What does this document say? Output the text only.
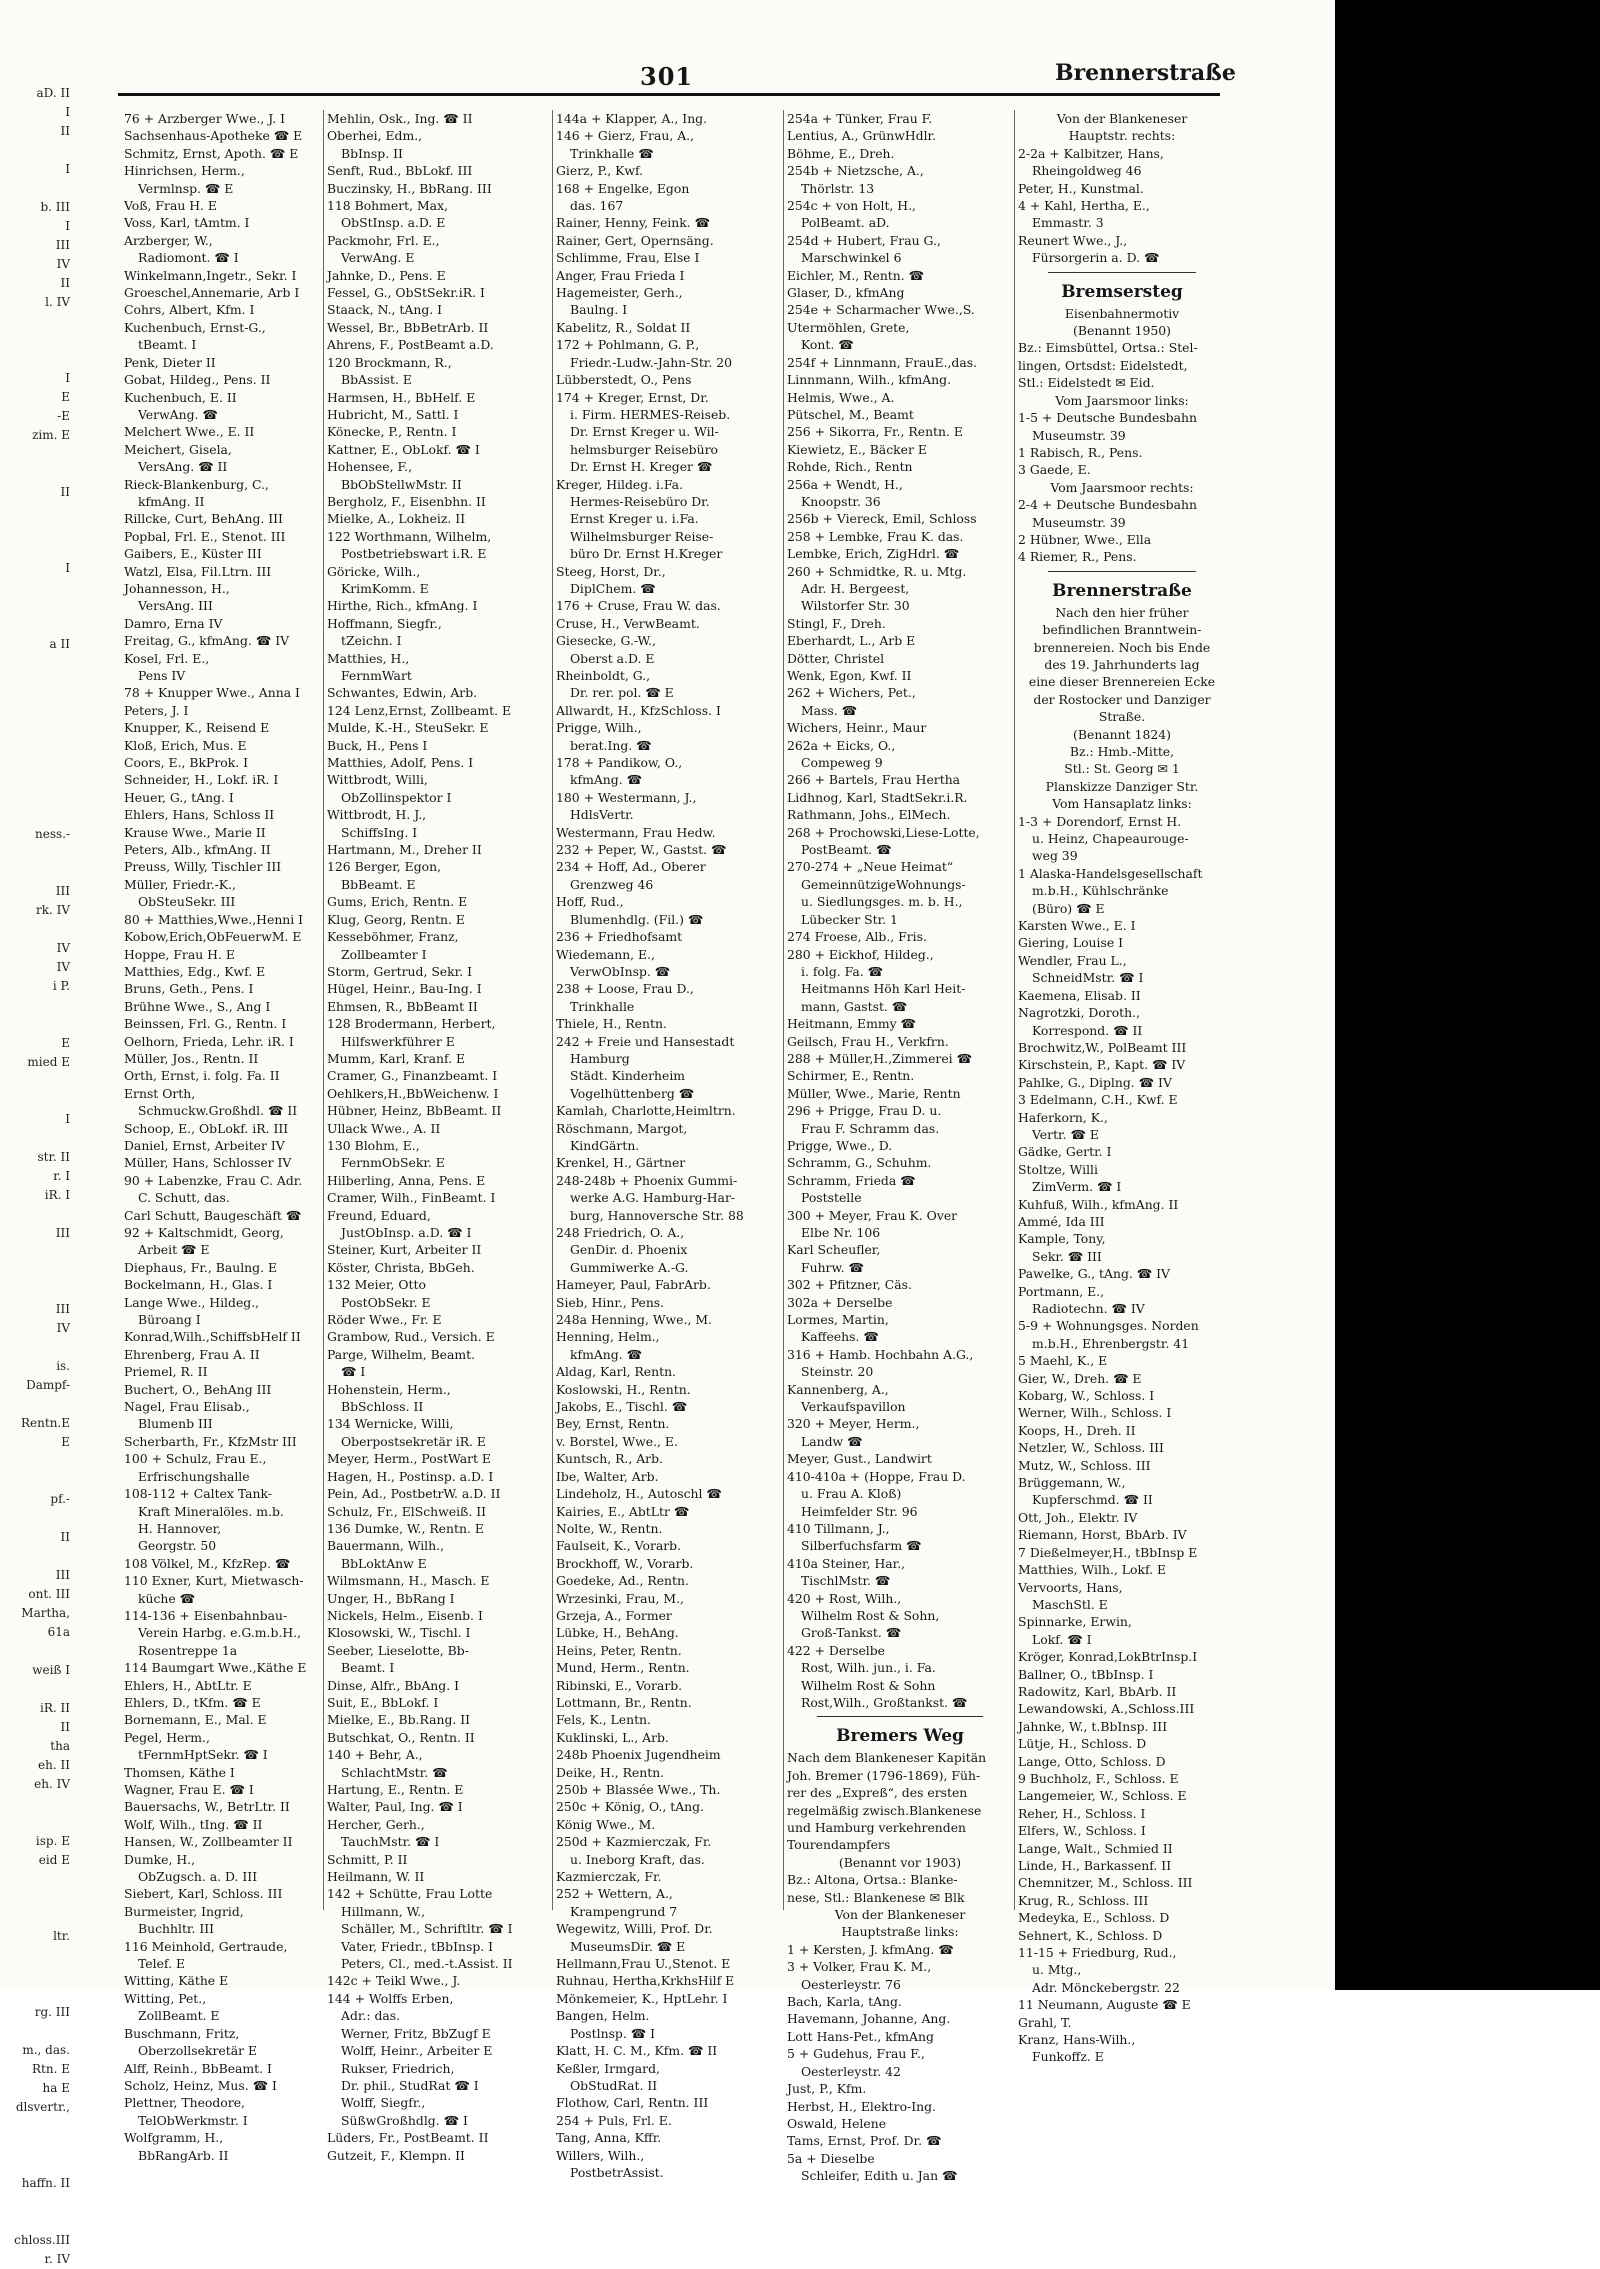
aD. II
I
II

I

b. III
I
III
IV
II
l. IV

I
E
-E
zim. E

II

I

a II

ness.-

III
rk. IV

IV
IV
i P.

E
mied E

I

str. II
r. I
iR. I

III

III
IV

is.
Dampf-

Rentn.E
E

pf.-

II

III
ont. III
Martha,
61a

weiß I

iR. II
II
tha
eh. II
eh. IV

isp. E
eid E

ltr.

rg. III

m., das.
Rtn. E
ha E
dlsvertr.,

haffn. II

chloss.III
r. IV
301	Brennerstraße
76 + Arzberger Wwe., J. I
Sachsenhaus-Apotheke ☎ E
Schmitz, Ernst, Apoth. ☎ E
Hinrichsen, Herm.,
Vermlnsp. ☎ E
Voß, Frau H. E
Voss, Karl, tAmtm. I
Arzberger, W.,
Radiomont. ☎ I
Winkelmann,Ingetr., Sekr. I
Groeschel,Annemarie, Arb I
Cohrs, Albert, Kfm. I
Kuchenbuch, Ernst-G.,
tBeamt. I
Penk, Dieter II
Gobat, Hildeg., Pens. II
Kuchenbuch, E. II
VerwAng. ☎
Melchert Wwe., E. II
Meichert, Gisela,
VersAng. ☎ II
Rieck-Blankenburg, C.,
kfmAng. II
Rillcke, Curt, BehAng. III
Popbal, Frl. E., Stenot. III
Gaibers, E., Küster III
Watzl, Elsa, Fil.Ltrn. III
Johannesson, H.,
VersAng. III
Damro, Erna IV
Freitag, G., kfmAng. ☎ IV
Kosel, Frl. E.,
Pens IV
78 + Knupper Wwe., Anna I
Peters, J. I
Knupper, K., Reisend E
Kloß, Erich, Mus. E
Coors, E., BkProk. I
Schneider, H., Lokf. iR. I
Heuer, G., tAng. I
Ehlers, Hans, Schloss II
Krause Wwe., Marie II
Peters, Alb., kfmAng. II
Preuss, Willy, Tischler III
Müller, Friedr.-K.,
ObSteuSekr. III
80 + Matthies,Wwe.,Henni I
Kobow,Erich,ObFeuerwM. E
Hoppe, Frau H. E
Matthies, Edg., Kwf. E
Bruns, Geth., Pens. I
Brühne Wwe., S., Ang I
Beinssen, Frl. G., Rentn. I
Oelhorn, Frieda, Lehr. iR. I
Müller, Jos., Rentn. II
Orth, Ernst, i. folg. Fa. II
Ernst Orth,
Schmuckw.Großhdl. ☎ II
Schoop, E., ObLokf. iR. III
Daniel, Ernst, Arbeiter IV
Müller, Hans, Schlosser IV
90 + Labenzke, Frau C. Adr.
C. Schutt, das.
Carl Schutt, Baugeschäft ☎
92 + Kaltschmidt, Georg,
Arbeit ☎ E
Diephaus, Fr., Baulng. E
Bockelmann, H., Glas. I
Lange Wwe., Hildeg.,
Büroang I
Konrad,Wilh.,SchiffsbHelf II
Ehrenberg, Frau A. II
Priemel, R. II
Buchert, O., BehAng III
Nagel, Frau Elisab.,
Blumenb III
Scherbarth, Fr., KfzMstr III
100 + Schulz, Frau E.,
Erfrischungshalle
108-112 + Caltex Tank-
Kraft Mineralöles. m.b.
H. Hannover,
Georgstr. 50
108 Völkel, M., KfzRep. ☎
110 Exner, Kurt, Mietwasch-
küche ☎
114-136 + Eisenbahnbau-
Verein Harbg. e.G.m.b.H.,
Rosentreppe 1a
114 Baumgart Wwe.,Käthe E
Ehlers, H., AbtLtr. E
Ehlers, D., tKfm. ☎ E
Bornemann, E., Mal. E
Pegel, Herm.,
tFernmHptSekr. ☎ I
Thomsen, Käthe I
Wagner, Frau E. ☎ I
Bauersachs, W., BetrLtr. II
Wolf, Wilh., tIng. ☎ II
Hansen, W., Zollbeamter II
Dumke, H.,
ObZugsch. a. D. III
Siebert, Karl, Schloss. III
Burmeister, Ingrid,
Buchhltr. III
116 Meinhold, Gertraude,
Telef. E
Witting, Käthe E
Witting, Pet.,
ZollBeamt. E
Buschmann, Fritz,
Oberzollsekretär E
Alff, Reinh., BbBeamt. I
Scholz, Heinz, Mus. ☎ I
Plettner, Theodore,
TelObWerkmstr. I
Wolfgramm, H.,
BbRangArb. II
Mehlin, Osk., Ing. ☎ II
Oberhei, Edm.,
BbInsp. II
Senft, Rud., BbLokf. III
Buczinsky, H., BbRang. III
118 Bohmert, Max,
ObStInsp. a.D. E
Packmohr, Frl. E.,
VerwAng. E
Jahnke, D., Pens. E
Fessel, G., ObStSekr.iR. I
Staack, N., tAng. I
Wessel, Br., BbBetrArb. II
Ahrens, F., PostBeamt a.D.
120 Brockmann, R.,
BbAssist. E
Harmsen, H., BbHelf. E
Hubricht, M., Sattl. I
Könecke, P., Rentn. I
Kattner, E., ObLokf. ☎ I
Hohensee, F.,
BbObStellwMstr. II
Bergholz, F., Eisenbhn. II
Mielke, A., Lokheiz. II
122 Worthmann, Wilhelm,
Postbetriebswart i.R. E
Göricke, Wilh.,
KrimKomm. E
Hirthe, Rich., kfmAng. I
Hoffmann, Siegfr.,
tZeichn. I
Matthies, H.,
FernmWart
Schwantes, Edwin, Arb.
124 Lenz,Ernst, Zollbeamt. E
Mulde, K.-H., SteuSekr. E
Buck, H., Pens I
Matthies, Adolf, Pens. I
Wittbrodt, Willi,
ObZollinspektor I
Wittbrodt, H. J.,
SchiffsIng. I
Hartmann, M., Dreher II
126 Berger, Egon,
BbBeamt. E
Gums, Erich, Rentn. E
Klug, Georg, Rentn. E
Kesseböhmer, Franz,
Zollbeamter I
Storm, Gertrud, Sekr. I
Hügel, Heinr., Bau-Ing. I
Ehmsen, R., BbBeamt II
128 Brodermann, Herbert,
Hilfswerkführer E
Mumm, Karl, Kranf. E
Cramer, G., Finanzbeamt. I
Oehlkers,H.,BbWeichenw. I
Hübner, Heinz, BbBeamt. II
Ullack Wwe., A. II
130 Blohm, E.,
FernmObSekr. E
Hilberling, Anna, Pens. E
Cramer, Wilh., FinBeamt. I
Freund, Eduard,
JustObInsp. a.D. ☎ I
Steiner, Kurt, Arbeiter II
Köster, Christa, BbGeh.
132 Meier, Otto
PostObSekr. E
Röder Wwe., Fr. E
Grambow, Rud., Versich. E
Parge, Wilhelm, Beamt.
☎ I
Hohenstein, Herm.,
BbSchloss. II
134 Wernicke, Willi,
Oberpostsekretär iR. E
Meyer, Herm., PostWart E
Hagen, H., Postinsp. a.D. I
Pein, Ad., PostbetrW. a.D. II
Schulz, Fr., ElSchweiß. II
136 Dumke, W., Rentn. E
Bauermann, Wilh.,
BbLoktAnw E
Wilmsmann, H., Masch. E
Unger, H., BbRang I
Nickels, Helm., Eisenb. I
Klosowski, W., Tischl. I
Seeber, Lieselotte, Bb-
Beamt. I
Dinse, Alfr., BbAng. I
Suit, E., BbLokf. I
Mielke, E., Bb.Rang. II
Butschkat, O., Rentn. II
140 + Behr, A.,
SchlachtMstr. ☎
Hartung, E., Rentn. E
Walter, Paul, Ing. ☎ I
Hercher, Gerh.,
TauchMstr. ☎ I
Schmitt, P. II
Heilmann, W. II
142 + Schütte, Frau Lotte
Hillmann, W.,
Schäller, M., Schriftltr. ☎ I
Vater, Friedr., tBbInsp. I
Peters, Cl., med.-t.Assist. II
142c + Teikl Wwe., J.
144 + Wolffs Erben,
Adr.: das.
Werner, Fritz, BbZugf E
Wolff, Heinr., Arbeiter E
Rukser, Friedrich,
Dr. phil., StudRat ☎ I
Wolff, Siegfr.,
SüßwGroßhdlg. ☎ I
Lüders, Fr., PostBeamt. II
Gutzeit, F., Klempn. II
144a + Klapper, A., Ing.
146 + Gierz, Frau, A.,
Trinkhalle ☎
Gierz, P., Kwf.
168 + Engelke, Egon
das. 167
Rainer, Henny, Feink. ☎
Rainer, Gert, Opernsäng.
Schlimme, Frau, Else I
Anger, Frau Frieda I
Hagemeister, Gerh.,
Baulng. I
Kabelitz, R., Soldat II
172 + Pohlmann, G. P.,
Friedr.-Ludw.-Jahn-Str. 20
Lübberstedt, O., Pens
174 + Kreger, Ernst, Dr.
i. Firm. HERMES-Reiseb.
Dr. Ernst Kreger u. Wil-
helmsburger Reisebüro
Dr. Ernst H. Kreger ☎
Kreger, Hildeg. i.Fa.
Hermes-Reisebüro Dr.
Ernst Kreger u. i.Fa.
Wilhelmsburger Reise-
büro Dr. Ernst H.Kreger
Steeg, Horst, Dr.,
DiplChem. ☎
176 + Cruse, Frau W. das.
Cruse, H., VerwBeamt.
Giesecke, G.-W.,
Oberst a.D. E
Rheinboldt, G.,
Dr. rer. pol. ☎ E
Allwardt, H., KfzSchloss. I
Prigge, Wilh.,
berat.Ing. ☎
178 + Pandikow, O.,
kfmAng. ☎
180 + Westermann, J.,
HdlsVertr.
Westermann, Frau Hedw.
232 + Peper, W., Gastst. ☎
234 + Hoff, Ad., Oberer
Grenzweg 46
Hoff, Rud.,
Blumenhdlg. (Fil.) ☎
236 + Friedhofsamt
Wiedemann, E.,
VerwObInsp. ☎
238 + Loose, Frau D.,
Trinkhalle
Thiele, H., Rentn.
242 + Freie und Hansestadt
Hamburg
Städt. Kinderheim
Vogelhüttenberg ☎
Kamlah, Charlotte,Heimltrn.
Röschmann, Margot,
KindGärtn.
Krenkel, H., Gärtner
248-248b + Phoenix Gummi-
werke A.G. Hamburg-Har-
burg, Hannoversche Str. 88
248 Friedrich, O. A.,
GenDir. d. Phoenix
Gummiwerke A.-G.
Hameyer, Paul, FabrArb.
Sieb, Hinr., Pens.
248a Henning, Wwe., M.
Henning, Helm.,
kfmAng. ☎
Aldag, Karl, Rentn.
Koslowski, H., Rentn.
Jakobs, E., Tischl. ☎
Bey, Ernst, Rentn.
v. Borstel, Wwe., E.
Kuntsch, R., Arb.
Ibe, Walter, Arb.
Lindeholz, H., Autoschl ☎
Kairies, E., AbtLtr ☎
Nolte, W., Rentn.
Faulseit, K., Vorarb.
Brockhoff, W., Vorarb.
Goedeke, Ad., Rentn.
Wrzesinki, Frau, M.,
Grzeja, A., Former
Lübke, H., BehAng.
Heins, Peter, Rentn.
Mund, Herm., Rentn.
Ribinski, E., Vorarb.
Lottmann, Br., Rentn.
Fels, K., Lentn.
Kuklinski, L., Arb.
248b Phoenix Jugendheim
Deike, H., Rentn.
250b + Blassée Wwe., Th.
250c + König, O., tAng.
König Wwe., M.
250d + Kazmierczak, Fr.
u. Ineborg Kraft, das.
Kazmierczak, Fr.
252 + Wettern, A.,
Krampengrund 7
Wegewitz, Willi, Prof. Dr.
MuseumsDir. ☎ E
Hellmann,Frau U.,Stenot. E
Ruhnau, Hertha,KrkhsHilf E
Mönkemeier, K., HptLehr. I
Bangen, Helm.
Postlnsp. ☎ I
Klatt, H. C. M., Kfm. ☎ II
Keßler, Irmgard,
ObStudRat. II
Flothow, Carl, Rentn. III
254 + Puls, Frl. E.
Tang, Anna, Kffr.
Willers, Wilh.,
PostbetrAssist.
254a + Tünker, Frau F.
Lentius, A., GrünwHdlr.
Böhme, E., Dreh.
254b + Nietzsche, A.,
Thörlstr. 13
254c + von Holt, H.,
PolBeamt. aD.
254d + Hubert, Frau G.,
Marschwinkel 6
Eichler, M., Rentn. ☎
Glaser, D., kfmAng
254e + Scharmacher Wwe.,S.
Utermöhlen, Grete,
Kont. ☎
254f + Linnmann, FrauE.,das.
Linnmann, Wilh., kfmAng.
Helmis, Wwe., A.
Pütschel, M., Beamt
256 + Sikorra, Fr., Rentn. E
Kiewietz, E., Bäcker E
Rohde, Rich., Rentn
256a + Wendt, H.,
Knoopstr. 36
256b + Viereck, Emil, Schloss
258 + Lembke, Frau K. das.
Lembke, Erich, ZigHdrl. ☎
260 + Schmidtke, R. u. Mtg.
Adr. H. Bergeest,
Wilstorfer Str. 30
Stingl, F., Dreh.
Eberhardt, L., Arb E
Dötter, Christel
Wenk, Egon, Kwf. II
262 + Wichers, Pet.,
Mass. ☎
Wichers, Heinr., Maur
262a + Eicks, O.,
Compeweg 9
266 + Bartels, Frau Hertha
Lidhnog, Karl, StadtSekr.i.R.
Rathmann, Johs., ElMech.
268 + Prochowski,Liese-Lotte,
PostBeamt. ☎
270-274 + „Neue Heimat“
GemeinnützigeWohnungs-
u. Siedlungsges. m. b. H.,
Lübecker Str. 1
274 Froese, Alb., Fris.
280 + Eickhof, Hildeg.,
i. folg. Fa. ☎
Heitmanns Höh Karl Heit-
mann, Gastst. ☎
Heitmann, Emmy ☎
Geilsch, Frau H., Verkfrn.
288 + Müller,H.,Zimmerei ☎
Schirmer, E., Rentn.
Müller, Wwe., Marie, Rentn
296 + Prigge, Frau D. u.
Frau F. Schramm das.
Prigge, Wwe., D.
Schramm, G., Schuhm.
Schramm, Frieda ☎
Poststelle
300 + Meyer, Frau K. Over
Elbe Nr. 106
Karl Scheufler,
Fuhrw. ☎
302 + Pfitzner, Cäs.
302a + Derselbe
Lormes, Martin,
Kaffeehs. ☎
316 + Hamb. Hochbahn A.G.,
Steinstr. 20
Kannenberg, A.,
Verkaufspavillon
320 + Meyer, Herm.,
Landw ☎
Meyer, Gust., Landwirt
410-410a + (Hoppe, Frau D.
u. Frau A. Kloß)
Heimfelder Str. 96
410 Tillmann, J.,
Silberfuchsfarm ☎
410a Steiner, Har.,
TischlMstr. ☎
420 + Rost, Wilh.,
Wilhelm Rost & Sohn,
Groß-Tankst. ☎
422 + Derselbe
Rost, Wilh. jun., i. Fa.
Wilhelm Rost & Sohn
Rost,Wilh., Großtankst. ☎
Bremers Weg
Nach dem Blankeneser Kapitän
Joh. Bremer (1796-1869), Füh-
rer des „Expreß“, des ersten
regelmäßig zwisch.Blankenese
und Hamburg verkehrenden
Tourendampfers
(Benannt vor 1903)
Bz.: Altona, Ortsa.: Blanke-
nese, Stl.: Blankenese ✉ Blk
Von der Blankeneser
Hauptstraße links:
1 + Kersten, J. kfmAng. ☎
3 + Volker, Frau K. M.,
Oesterleystr. 76
Bach, Karla, tAng.
Havemann, Johanne, Ang.
Lott Hans-Pet., kfmAng
5 + Gudehus, Frau F.,
Oesterleystr. 42
Just, P., Kfm.
Herbst, H., Elektro-Ing.
Oswald, Helene
Tams, Ernst, Prof. Dr. ☎
5a + Dieselbe
Schleifer, Edith u. Jan ☎
Von der Blankeneser
Hauptstr. rechts:
2-2a + Kalbitzer, Hans,
Rheingoldweg 46
Peter, H., Kunstmal.
4 + Kahl, Hertha, E.,
Emmastr. 3
Reunert Wwe., J.,
Fürsorgerin a. D. ☎
Bremsersteg
Eisenbahnermotiv
(Benannt 1950)
Bz.: Eimsbüttel, Ortsa.: Stel-
lingen, Ortsdst: Eidelstedt,
Stl.: Eidelstedt ✉ Eid.
Vom Jaarsmoor links:
1-5 + Deutsche Bundesbahn
Museumstr. 39
1 Rabisch, R., Pens.
3 Gaede, E.
Vom Jaarsmoor rechts:
2-4 + Deutsche Bundesbahn
Museumstr. 39
2 Hübner, Wwe., Ella
4 Riemer, R., Pens.
Brennerstraße
Nach den hier früher
befindlichen Branntwein-
brennereien. Noch bis Ende
des 19. Jahrhunderts lag
eine dieser Brennereien Ecke
der Rostocker und Danziger
Straße.
(Benannt 1824)
Bz.: Hmb.-Mitte,
Stl.: St. Georg ✉ 1
Planskizze Danziger Str.
Vom Hansaplatz links:
1-3 + Dorendorf, Ernst H.
u. Heinz, Chapeaurouge-
weg 39
1 Alaska-Handelsgesellschaft
m.b.H., Kühlschränke
(Büro) ☎ E
Karsten Wwe., E. I
Giering, Louise I
Wendler, Frau L.,
SchneidMstr. ☎ I
Kaemena, Elisab. II
Nagrotzki, Doroth.,
Korrespond. ☎ II
Brochwitz,W., PolBeamt III
Kirschstein, P., Kapt. ☎ IV
Pahlke, G., Diplng. ☎ IV
3 Edelmann, C.H., Kwf. E
Haferkorn, K.,
Vertr. ☎ E
Gädke, Gertr. I
Stoltze, Willi
ZimVerm. ☎ I
Kuhfuß, Wilh., kfmAng. II
Ammé, Ida III
Kample, Tony,
Sekr. ☎ III
Pawelke, G., tAng. ☎ IV
Portmann, E.,
Radiotechn. ☎ IV
5-9 + Wohnungsges. Norden
m.b.H., Ehrenbergstr. 41
5 Maehl, K., E
Gier, W., Dreh. ☎ E
Kobarg, W., Schloss. I
Werner, Wilh., Schloss. I
Koops, H., Dreh. II
Netzler, W., Schloss. III
Mutz, W., Schloss. III
Brüggemann, W.,
Kupferschmd. ☎ II
Ott, Joh., Elektr. IV
Riemann, Horst, BbArb. IV
7 Dießelmeyer,H., tBbInsp E
Matthies, Wilh., Lokf. E
Vervoorts, Hans,
MaschStl. E
Spinnarke, Erwin,
Lokf. ☎ I
Kröger, Konrad,LokBtrInsp.I
Ballner, O., tBbInsp. I
Radowitz, Karl, BbArb. II
Lewandowski, A.,Schloss.III
Jahnke, W., t.BbInsp. III
Lütje, H., Schloss. D
Lange, Otto, Schloss. D
9 Buchholz, F., Schloss. E
Langemeier, W., Schloss. E
Reher, H., Schloss. I
Elfers, W., Schloss. I
Lange, Walt., Schmied II
Linde, H., Barkassenf. II
Chemnitzer, M., Schloss. III
Krug, R., Schloss. III
Medeyka, E., Schloss. D
Sehnert, K., Schloss. D
11-15 + Friedburg, Rud.,
u. Mtg.,
Adr. Mönckebergstr. 22
11 Neumann, Auguste ☎ E
Grahl, T.
Kranz, Hans-Wilh.,
Funkoffz. E
